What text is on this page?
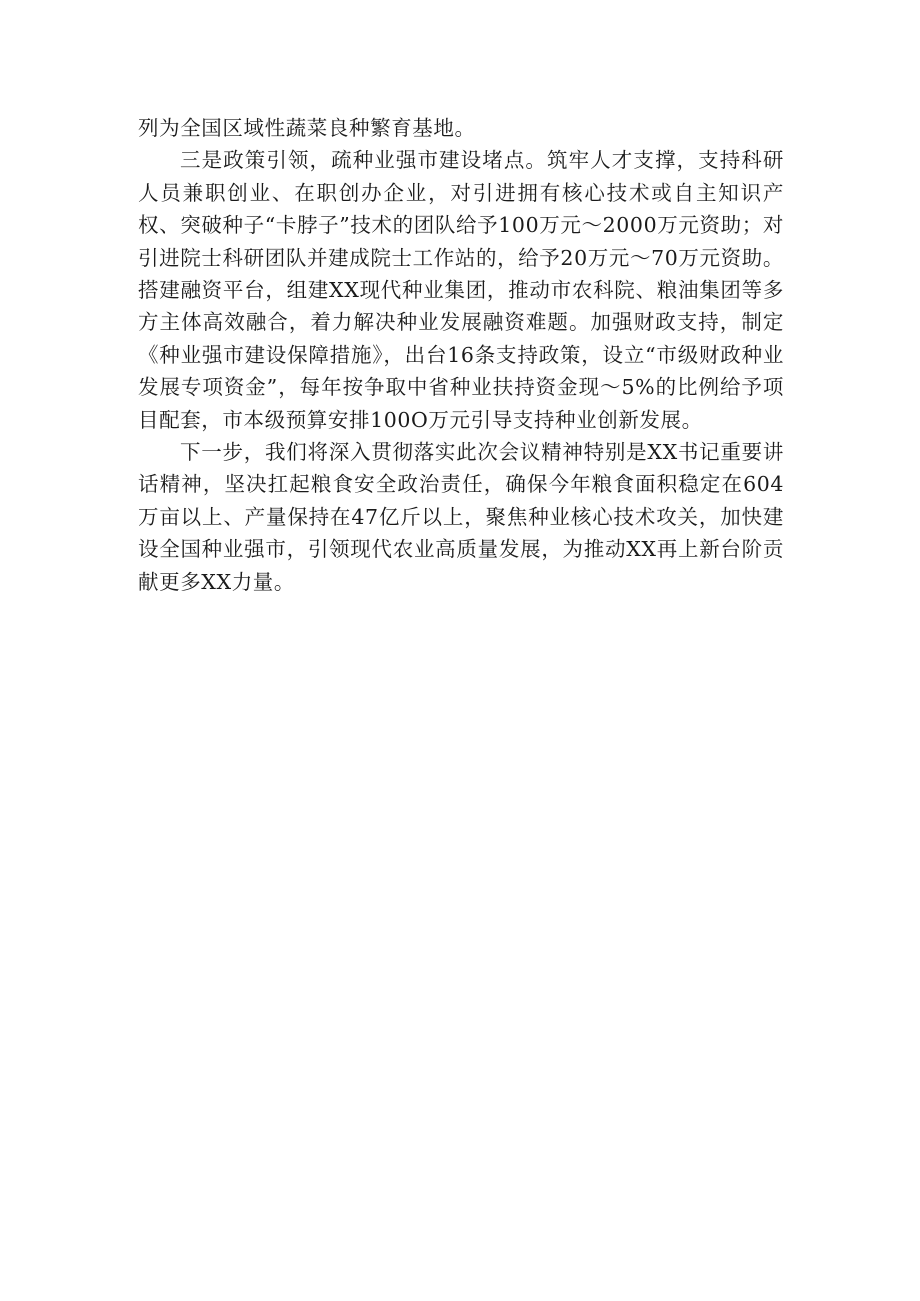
列为全国区域性蔬菜良种繁育基地。

三是政策引领，疏种业强市建设堵点。筑牢人才支撑，支持科研人员兼职创业、在职创办企业，对引进拥有核心技术或自主知识产权、突破种子“卡脖子”技术的团队给予100万元～2000万元资助；对引进院士科研团队并建成院士工作站的，给予20万元～70万元资助。搭建融资平台，组建XX现代种业集团，推动市农科院、粮油集团等多方主体高效融合，着力解决种业发展融资难题。加强财政支持，制定《种业强市建设保障措施》，出台16条支持政策，设立“市级财政种业发展专项资金”，每年按争取中省种业扶持资金现～5%的比例给予项目配套，市本级预算安排100O万元引导支持种业创新发展。

下一步，我们将深入贯彻落实此次会议精神特别是XX书记重要讲话精神，坚决扛起粮食安全政治责任，确保今年粮食面积稳定在604万亩以上、产量保持在47亿斤以上，聚焦种业核心技术攻关，加快建设全国种业强市，引领现代农业高质量发展，为推动XX再上新台阶贡献更多XX力量。
